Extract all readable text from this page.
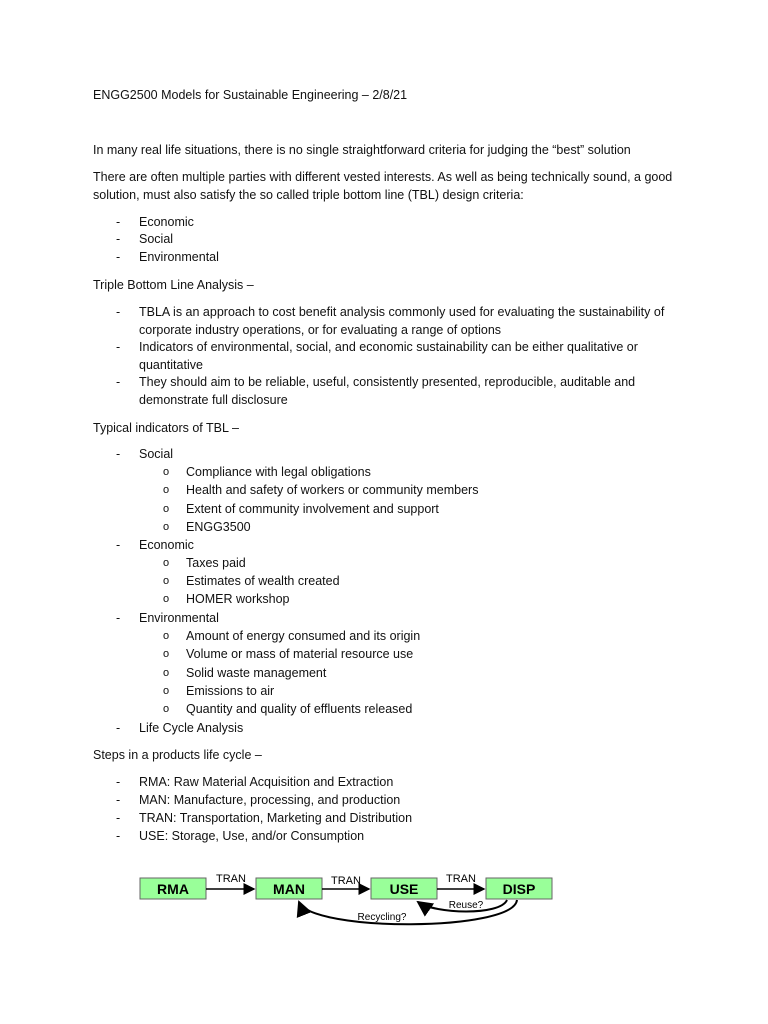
ENGG2500 Models for Sustainable Engineering – 2/8/21
In many real life situations, there is no single straightforward criteria for judging the “best” solution
There are often multiple parties with different vested interests. As well as being technically sound, a good solution, must also satisfy the so called triple bottom line (TBL) design criteria:
- Economic
- Social
- Environmental
Triple Bottom Line Analysis –
- TBLA is an approach to cost benefit analysis commonly used for evaluating the sustainability of corporate industry operations, or for evaluating a range of options
- Indicators of environmental, social, and economic sustainability can be either qualitative or quantitative
- They should aim to be reliable, useful, consistently presented, reproducible, auditable and demonstrate full disclosure
Typical indicators of TBL –
- Social
o Compliance with legal obligations
o Health and safety of workers or community members
o Extent of community involvement and support
o ENGG3500
- Economic
o Taxes paid
o Estimates of wealth created
o HOMER workshop
- Environmental
o Amount of energy consumed and its origin
o Volume or mass of material resource use
o Solid waste management
o Emissions to air
o Quantity and quality of effluents released
- Life Cycle Analysis
Steps in a products life cycle –
- RMA: Raw Material Acquisition and Extraction
- MAN: Manufacture, processing, and production
- TRAN: Transportation, Marketing and Distribution
- USE: Storage, Use, and/or Consumption
RMA	MAN	USE	DISP
TRAN	TRAN	TRAN
Reuse?
Recycling?
